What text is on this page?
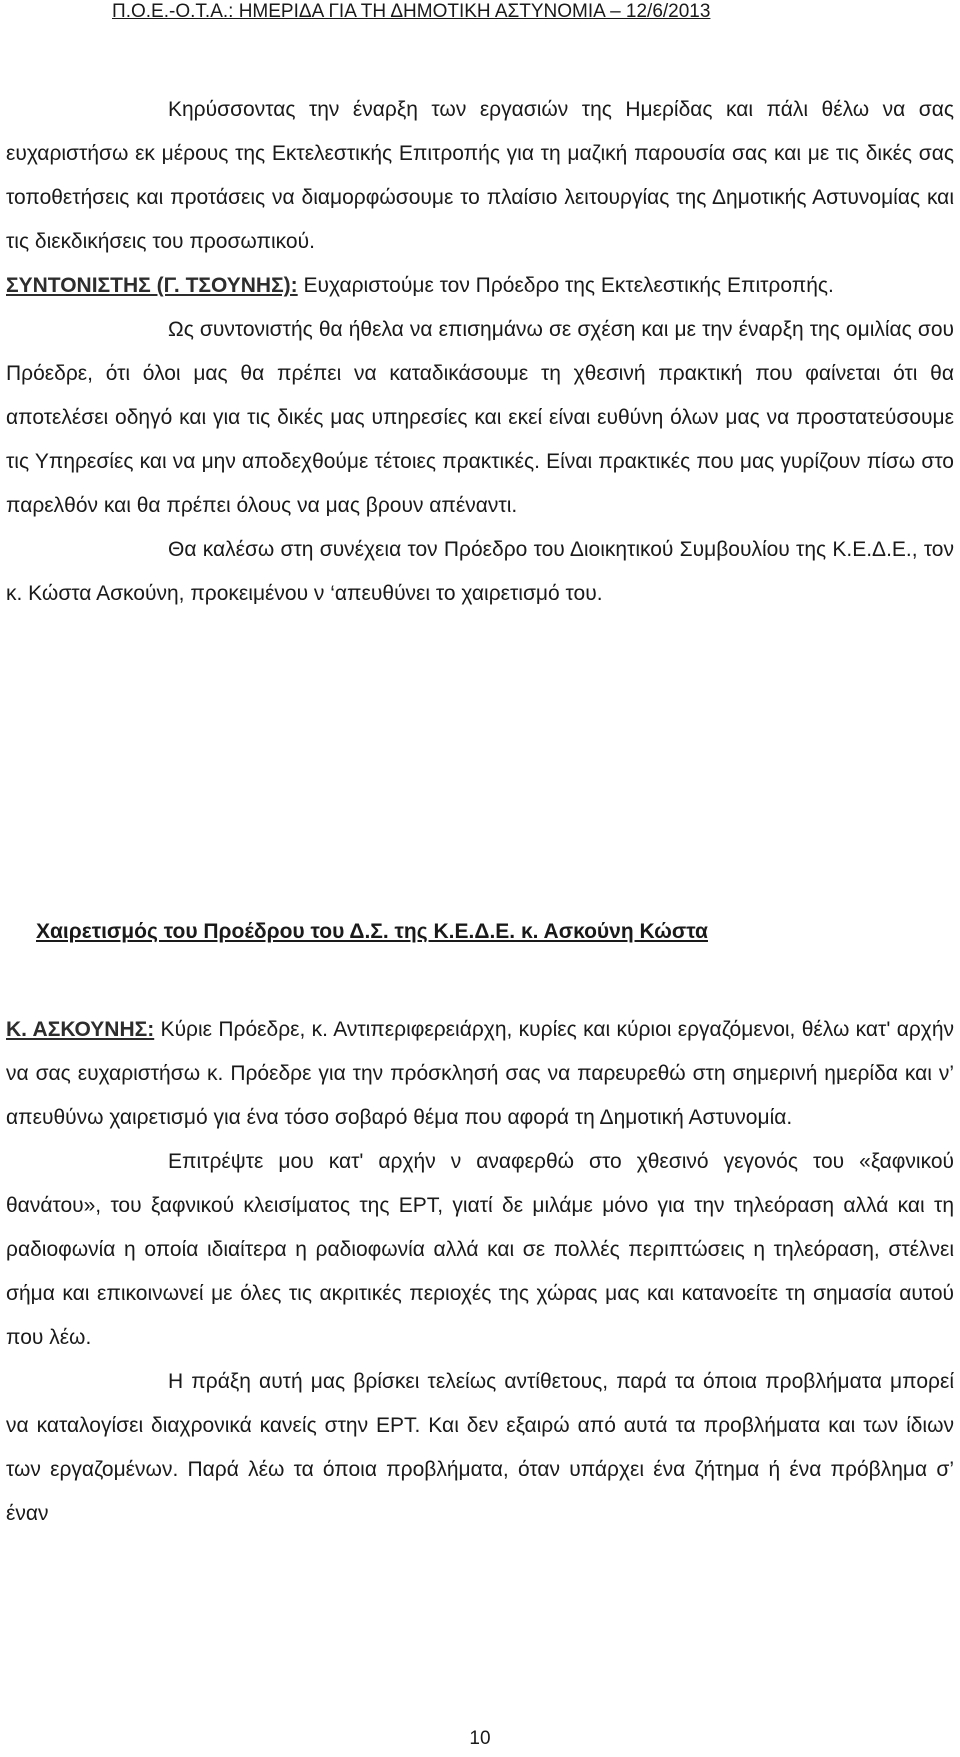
Π.Ο.Ε.-Ο.Τ.Α.: ΗΜΕΡΙΔΑ ΓΙΑ ΤΗ ΔΗΜΟΤΙΚΗ ΑΣΤΥΝΟΜΙΑ – 12/6/2013

Κηρύσσοντας την έναρξη των εργασιών της Ημερίδας και πάλι θέλω να σας ευχαριστήσω εκ μέρους της Εκτελεστικής Επιτροπής για τη μαζική παρουσία σας και με τις δικές σας τοποθετήσεις και προτάσεις να διαμορφώσουμε το πλαίσιο λειτουργίας της Δημοτικής Αστυνομίας και τις διεκδικήσεις του προσωπικού.

ΣΥΝΤΟΝΙΣΤΗΣ (Γ. ΤΣΟΥΝΗΣ): Ευχαριστούμε τον Πρόεδρο της Εκτελεστικής Επιτροπής.

Ως συντονιστής θα ήθελα να επισημάνω σε σχέση και με την έναρξη της ομιλίας σου Πρόεδρε, ότι όλοι μας θα πρέπει να καταδικάσουμε τη χθεσινή πρακτική που φαίνεται ότι θα αποτελέσει οδηγό και για τις δικές μας υπηρεσίες και εκεί είναι ευθύνη όλων μας να προστατεύσουμε τις Υπηρεσίες και να μην αποδεχθούμε τέτοιες πρακτικές. Είναι πρακτικές που μας γυρίζουν πίσω στο παρελθόν και θα πρέπει όλους να μας βρουν απέναντι.

Θα καλέσω στη συνέχεια τον Πρόεδρο του Διοικητικού Συμβουλίου της Κ.Ε.Δ.Ε., τον κ. Κώστα Ασκούνη, προκειμένου ν ‘απευθύνει το χαιρετισμό του.

Χαιρετισμός του Προέδρου του Δ.Σ. της Κ.Ε.Δ.Ε. κ. Ασκούνη Κώστα

Κ. ΑΣΚΟΥΝΗΣ: Κύριε Πρόεδρε, κ. Αντιπεριφερειάρχη, κυρίες και κύριοι εργαζόμενοι, θέλω κατ' αρχήν να σας ευχαριστήσω κ. Πρόεδρε για την πρόσκλησή σας να παρευρεθώ στη σημερινή ημερίδα και ν’ απευθύνω χαιρετισμό για ένα τόσο σοβαρό θέμα που αφορά τη Δημοτική Αστυνομία.

Επιτρέψτε μου κατ' αρχήν ν αναφερθώ στο χθεσινό γεγονός του «ξαφνικού θανάτου», του ξαφνικού κλεισίματος της ΕΡΤ, γιατί δε μιλάμε μόνο για την τηλεόραση αλλά και τη ραδιοφωνία η οποία ιδιαίτερα η ραδιοφωνία αλλά και σε πολλές περιπτώσεις η τηλεόραση, στέλνει σήμα και επικοινωνεί με όλες τις ακριτικές περιοχές της χώρας μας και κατανοείτε τη σημασία αυτού που λέω.

Η πράξη αυτή μας βρίσκει τελείως αντίθετους, παρά τα όποια προβλήματα μπορεί να καταλογίσει διαχρονικά κανείς στην ΕΡΤ. Και δεν εξαιρώ από αυτά τα προβλήματα και των ίδιων των εργαζομένων. Παρά λέω τα όποια προβλήματα, όταν υπάρχει ένα ζήτημα ή ένα πρόβλημα σ’ έναν

10
